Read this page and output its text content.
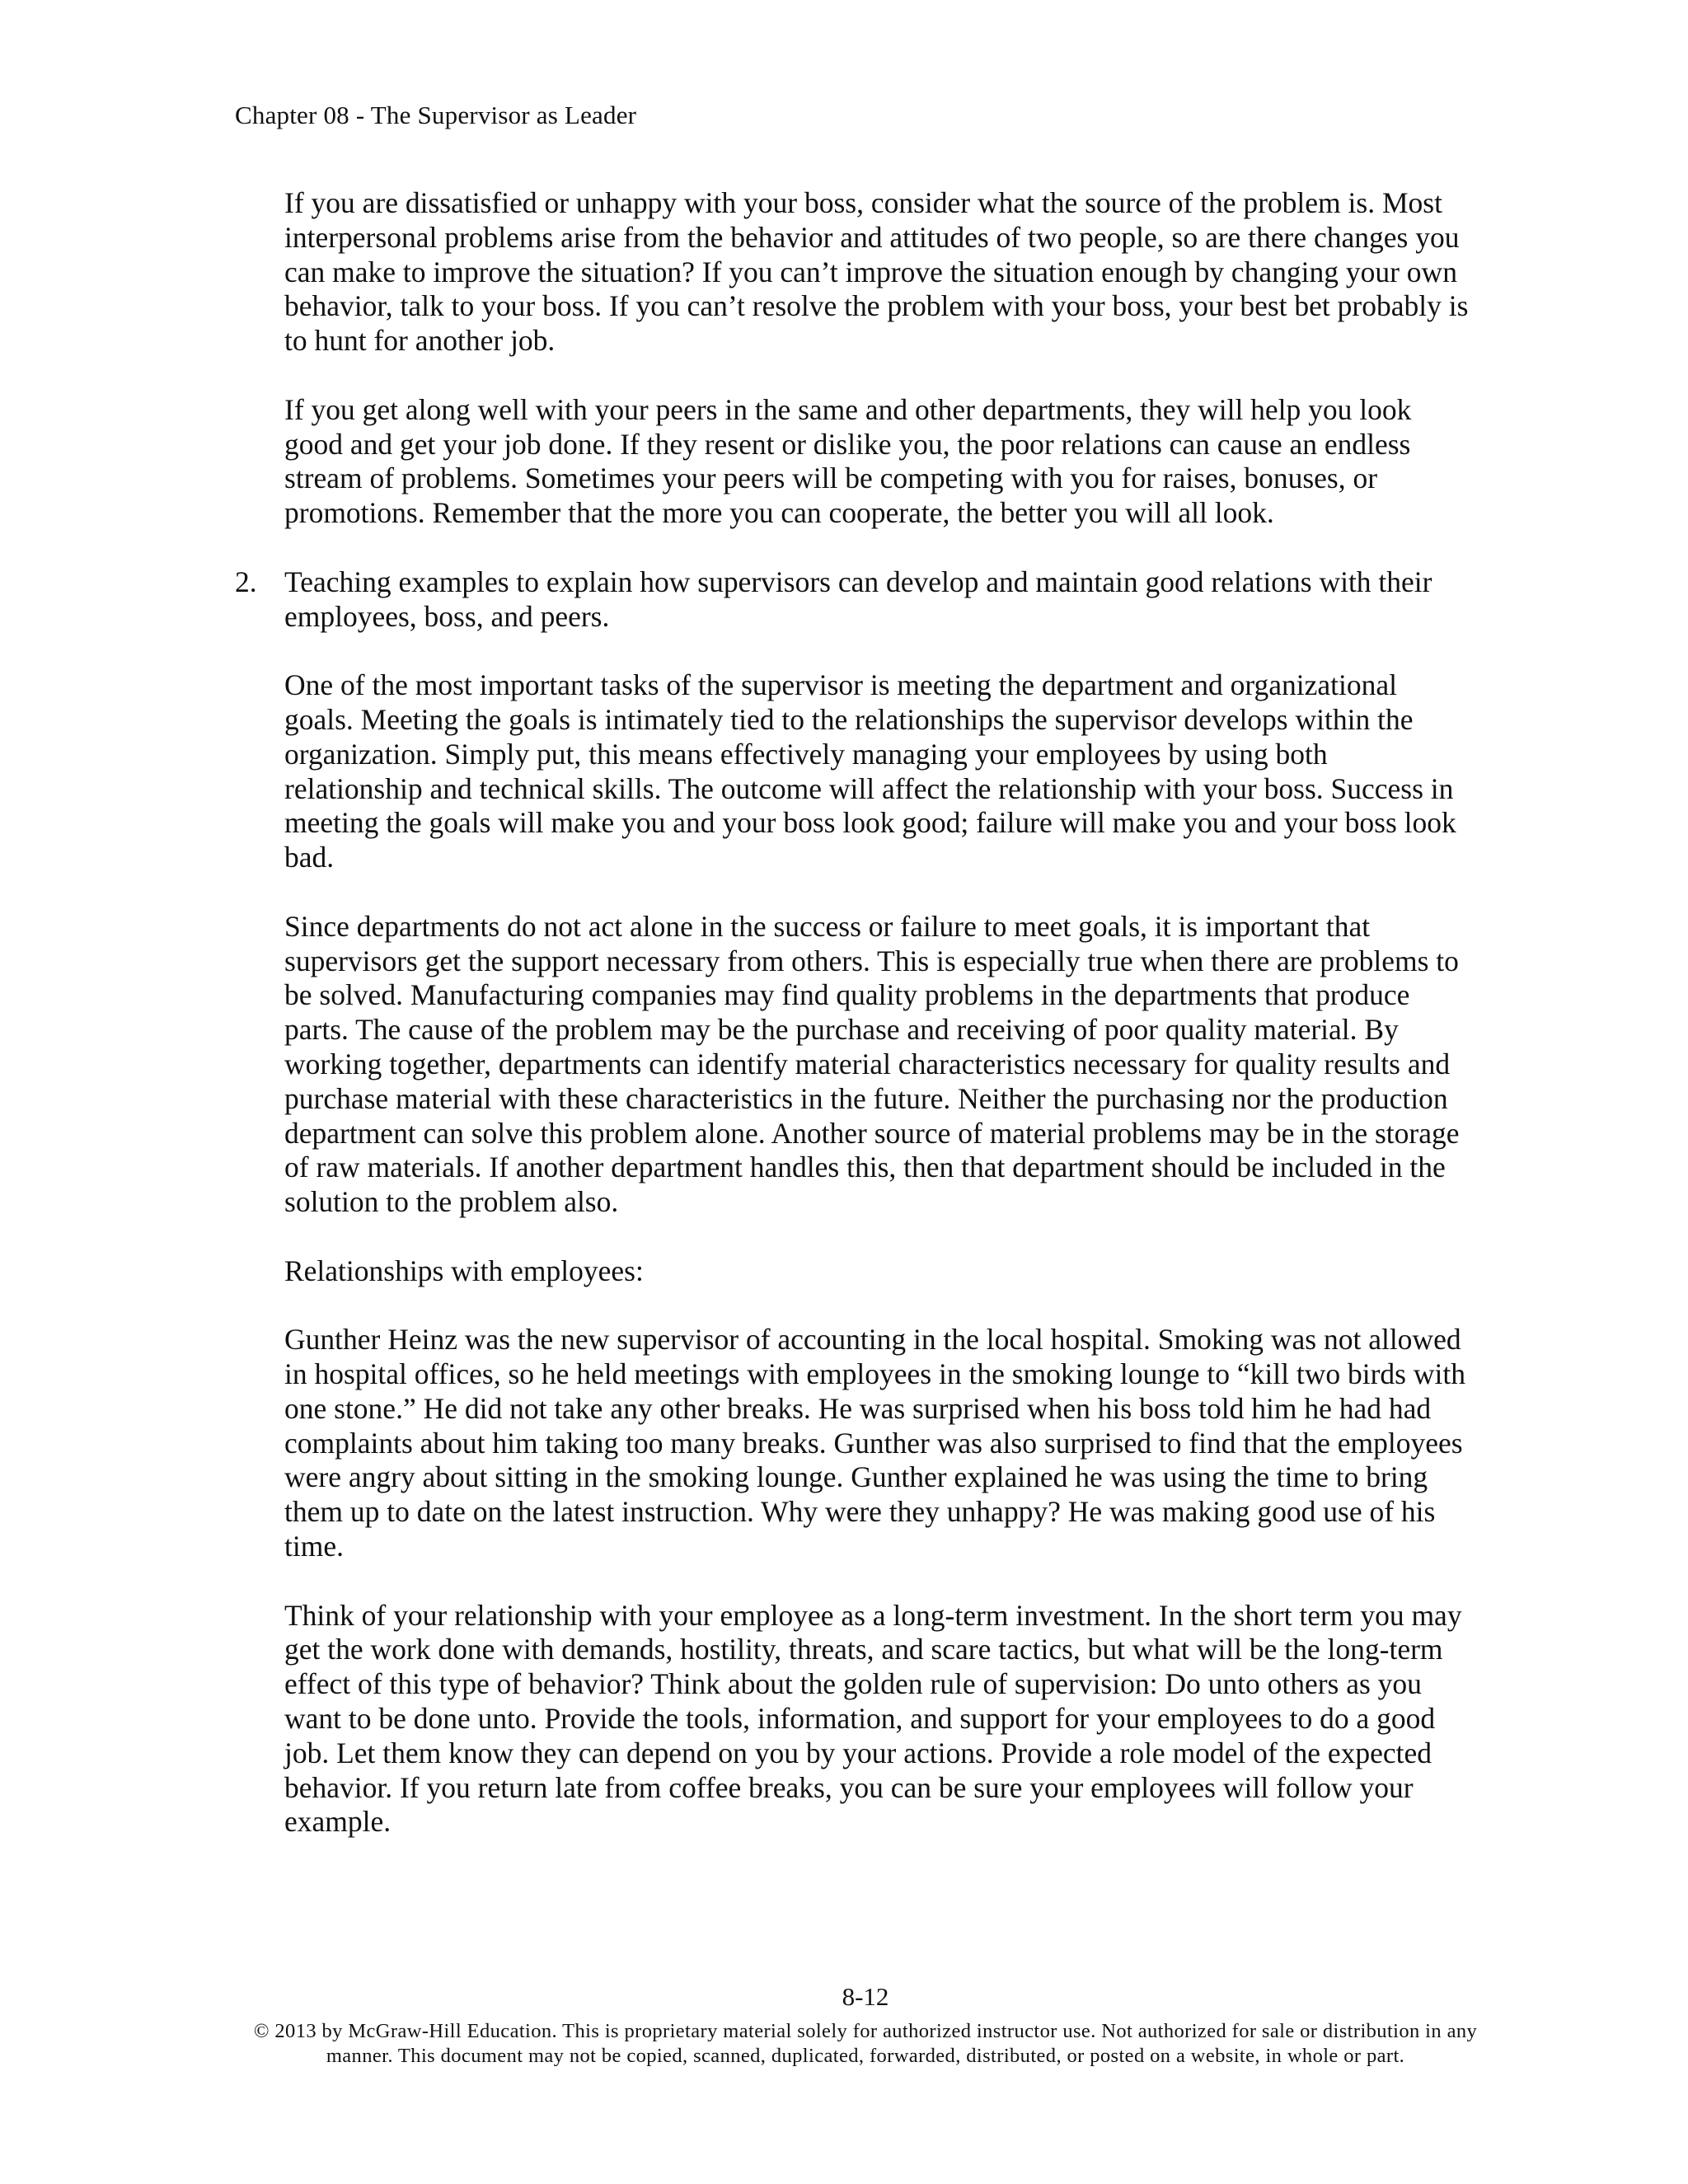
Chapter 08 - The Supervisor as Leader

If you are dissatisfied or unhappy with your boss, consider what the source of the problem is. Most interpersonal problems arise from the behavior and attitudes of two people, so are there changes you can make to improve the situation? If you can’t improve the situation enough by changing your own behavior, talk to your boss. If you can’t resolve the problem with your boss, your best bet probably is to hunt for another job.

If you get along well with your peers in the same and other departments, they will help you look good and get your job done. If they resent or dislike you, the poor relations can cause an endless stream of problems. Sometimes your peers will be competing with you for raises, bonuses, or promotions. Remember that the more you can cooperate, the better you will all look.

2. Teaching examples to explain how supervisors can develop and maintain good relations with their employees, boss, and peers.

One of the most important tasks of the supervisor is meeting the department and organizational goals. Meeting the goals is intimately tied to the relationships the supervisor develops within the organization. Simply put, this means effectively managing your employees by using both relationship and technical skills. The outcome will affect the relationship with your boss. Success in meeting the goals will make you and your boss look good; failure will make you and your boss look bad.

Since departments do not act alone in the success or failure to meet goals, it is important that supervisors get the support necessary from others. This is especially true when there are problems to be solved. Manufacturing companies may find quality problems in the departments that produce parts. The cause of the problem may be the purchase and receiving of poor quality material. By working together, departments can identify material characteristics necessary for quality results and purchase material with these characteristics in the future. Neither the purchasing nor the production department can solve this problem alone. Another source of material problems may be in the storage of raw materials. If another department handles this, then that department should be included in the solution to the problem also.

Relationships with employees:

Gunther Heinz was the new supervisor of accounting in the local hospital. Smoking was not allowed in hospital offices, so he held meetings with employees in the smoking lounge to “kill two birds with one stone.” He did not take any other breaks. He was surprised when his boss told him he had had complaints about him taking too many breaks. Gunther was also surprised to find that the employees were angry about sitting in the smoking lounge. Gunther explained he was using the time to bring them up to date on the latest instruction. Why were they unhappy? He was making good use of his time.

Think of your relationship with your employee as a long-term investment. In the short term you may get the work done with demands, hostility, threats, and scare tactics, but what will be the long-term effect of this type of behavior? Think about the golden rule of supervision: Do unto others as you want to be done unto. Provide the tools, information, and support for your employees to do a good job. Let them know they can depend on you by your actions. Provide a role model of the expected behavior. If you return late from coffee breaks, you can be sure your employees will follow your example.

8-12
© 2013 by McGraw-Hill Education. This is proprietary material solely for authorized instructor use. Not authorized for sale or distribution in any manner. This document may not be copied, scanned, duplicated, forwarded, distributed, or posted on a website, in whole or part.
